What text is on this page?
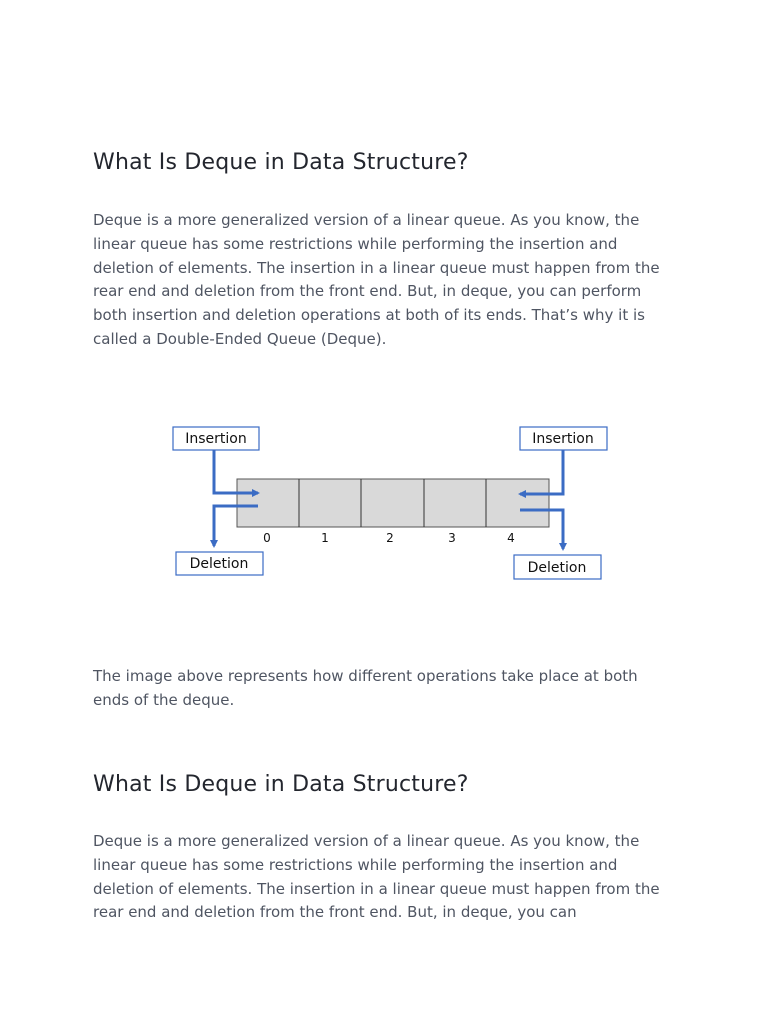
What Is Deque in Data Structure?

Deque is a more generalized version of a linear queue. As you know, the linear queue has some restrictions while performing the insertion and deletion of elements. The insertion in a linear queue must happen from the rear end and deletion from the front end. But, in deque, you can perform both insertion and deletion operations at both of its ends. That’s why it is called a Double-Ended Queue (Deque).

0	1	2	3	4
Insertion
Deletion
Insertion
Deletion

The image above represents how different operations take place at both ends of the deque.

What Is Deque in Data Structure?

Deque is a more generalized version of a linear queue. As you know, the linear queue has some restrictions while performing the insertion and deletion of elements. The insertion in a linear queue must happen from the rear end and deletion from the front end. But, in deque, you can
